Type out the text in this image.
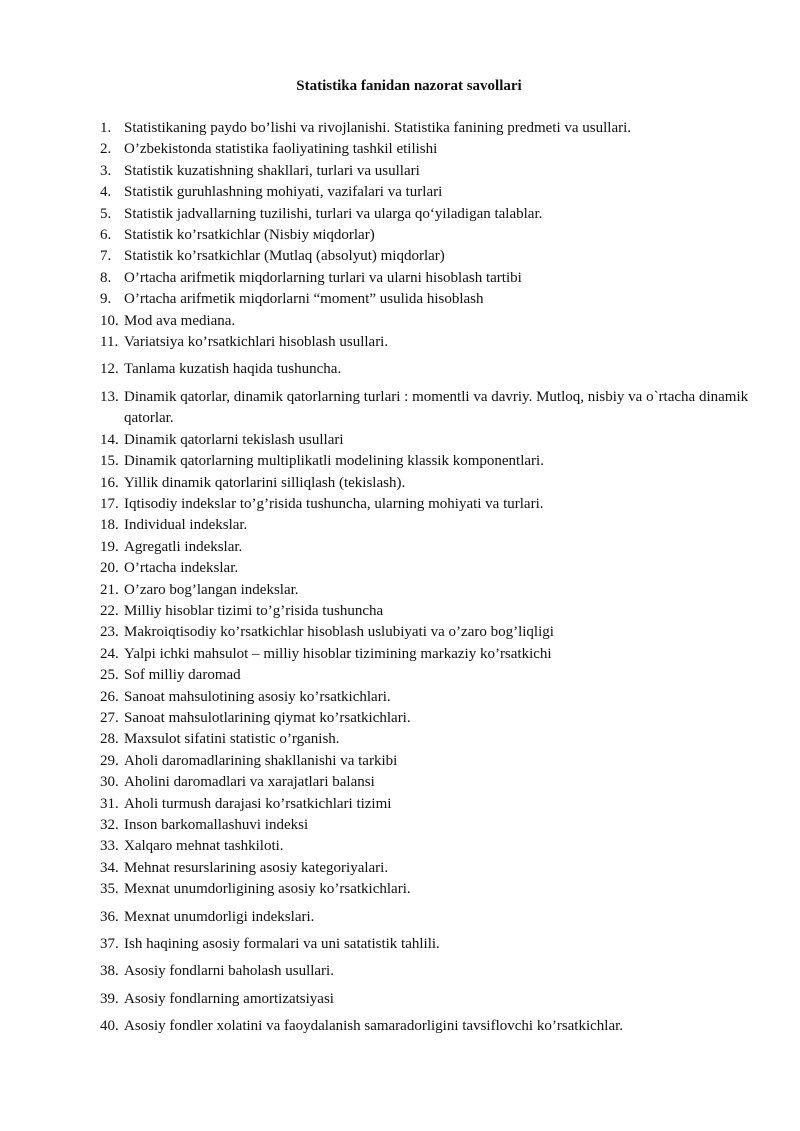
Statistika fanidan nazorat savollari
1. Statistikaning paydo bo’lishi va rivojlanishi. Statistika fanining predmeti va usullari.
2. O’zbekistonda statistika faoliyatining tashkil etilishi
3. Statistik kuzatishning shakllari, turlari va usullari
4. Statistik guruhlashning mohiyati, vazifalari va turlari
5. Statistik jadvallarning tuzilishi, turlari va ularga qo‘yiladigan talablar.
6. Statistik ko’rsatkichlar (Nisbiy мiqdorlar)
7. Statistik ko’rsatkichlar (Mutlaq (absolyut) miqdorlar)
8. O’rtacha arifmetik miqdorlarning turlari va ularni hisoblash tartibi
9. O’rtacha arifmetik miqdorlarni “moment” usulida hisoblash
10. Mod ava mediana.
11. Variatsiya ko’rsatkichlari hisoblash usullari.
12. Tanlama kuzatish haqida tushuncha.
13. Dinamik qatorlar, dinamik qatorlarning turlari : momentli va davriy. Mutloq, nisbiy va o`rtacha dinamik qatorlar.
14. Dinamik qatorlarni tekislash usullari
15. Dinamik qatorlarning multiplikatli modelining klassik komponentlari.
16. Yillik dinamik qatorlarini silliqlash (tekislash).
17. Iqtisodiy indekslar to’g’risida tushuncha, ularning mohiyati va turlari.
18. Individual indekslar.
19. Agregatli indekslar.
20. O’rtacha indekslar.
21. O’zaro bog’langan indekslar.
22. Milliy hisoblar tizimi to’g’risida tushuncha
23. Makroiqtisodiy ko’rsatkichlar hisoblash uslubiyati va o’zaro bog’liqligi
24. Yalpi ichki mahsulot – milliy hisoblar tizimining markaziy ko’rsatkichi
25. Sof milliy daromad
26. Sanoat mahsulotining asosiy ko’rsatkichlari.
27. Sanoat mahsulotlarining qiymat ko’rsatkichlari.
28. Maxsulot sifatini statistic o’rganish.
29. Aholi daromadlarining shakllanishi va tarkibi
30. Aholini daromadlari va xarajatlari balansi
31. Aholi turmush darajasi ko’rsatkichlari tizimi
32. Inson barkomallashuvi indeksi
33. Xalqaro mehnat tashkiloti.
34. Mehnat resurslarining asosiy kategoriyalari.
35. Mexnat unumdorligining asosiy ko’rsatkichlari.
36. Mexnat unumdorligi indekslari.
37. Ish haqining asosiy formalari va uni satatistik tahlili.
38. Asosiy fondlarni baholash usullari.
39. Asosiy fondlarning amortizatsiyasi
40. Asosiy fondler xolatini va faoydalanish samaradorligini tavsiflovchi ko’rsatkichlar.
